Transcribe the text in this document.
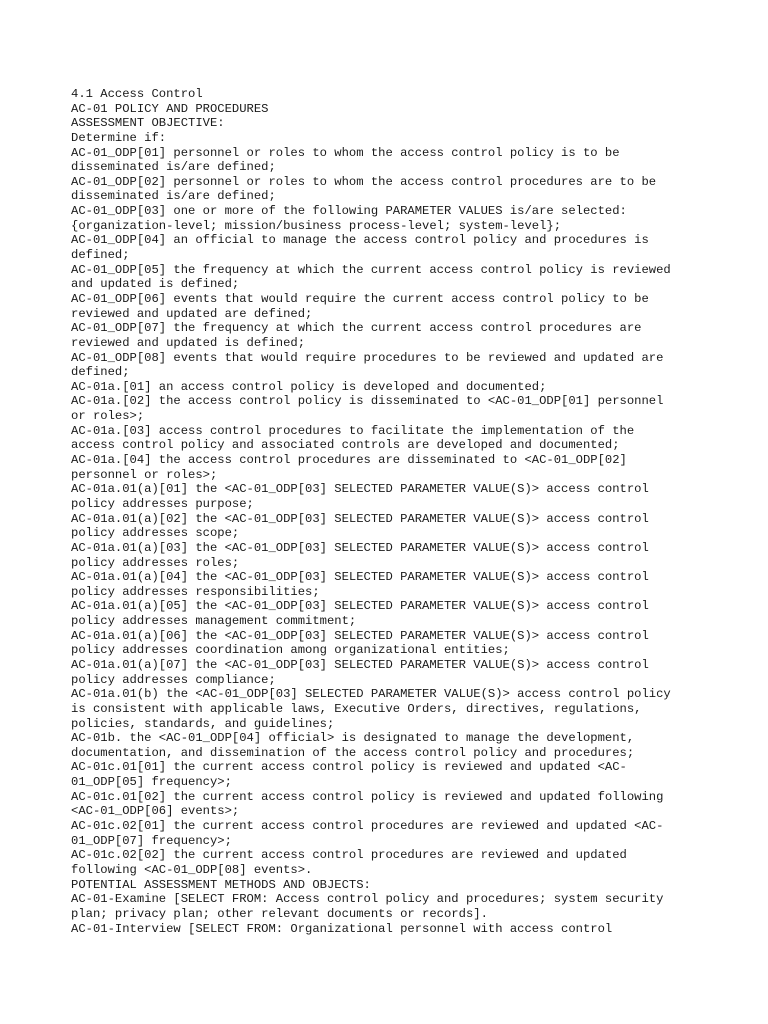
4.1 Access Control
AC-01 POLICY AND PROCEDURES
ASSESSMENT OBJECTIVE:
Determine if:
AC-01_ODP[01] personnel or roles to whom the access control policy is to be
disseminated is/are defined;
AC-01_ODP[02] personnel or roles to whom the access control procedures are to be
disseminated is/are defined;
AC-01_ODP[03] one or more of the following PARAMETER VALUES is/are selected:
{organization-level; mission/business process-level; system-level};
AC-01_ODP[04] an official to manage the access control policy and procedures is
defined;
AC-01_ODP[05] the frequency at which the current access control policy is reviewed
and updated is defined;
AC-01_ODP[06] events that would require the current access control policy to be
reviewed and updated are defined;
AC-01_ODP[07] the frequency at which the current access control procedures are
reviewed and updated is defined;
AC-01_ODP[08] events that would require procedures to be reviewed and updated are
defined;
AC-01a.[01] an access control policy is developed and documented;
AC-01a.[02] the access control policy is disseminated to <AC-01_ODP[01] personnel
or roles>;
AC-01a.[03] access control procedures to facilitate the implementation of the
access control policy and associated controls are developed and documented;
AC-01a.[04] the access control procedures are disseminated to <AC-01_ODP[02]
personnel or roles>;
AC-01a.01(a)[01] the <AC-01_ODP[03] SELECTED PARAMETER VALUE(S)> access control
policy addresses purpose;
AC-01a.01(a)[02] the <AC-01_ODP[03] SELECTED PARAMETER VALUE(S)> access control
policy addresses scope;
AC-01a.01(a)[03] the <AC-01_ODP[03] SELECTED PARAMETER VALUE(S)> access control
policy addresses roles;
AC-01a.01(a)[04] the <AC-01_ODP[03] SELECTED PARAMETER VALUE(S)> access control
policy addresses responsibilities;
AC-01a.01(a)[05] the <AC-01_ODP[03] SELECTED PARAMETER VALUE(S)> access control
policy addresses management commitment;
AC-01a.01(a)[06] the <AC-01_ODP[03] SELECTED PARAMETER VALUE(S)> access control
policy addresses coordination among organizational entities;
AC-01a.01(a)[07] the <AC-01_ODP[03] SELECTED PARAMETER VALUE(S)> access control
policy addresses compliance;
AC-01a.01(b) the <AC-01_ODP[03] SELECTED PARAMETER VALUE(S)> access control policy
is consistent with applicable laws, Executive Orders, directives, regulations,
policies, standards, and guidelines;
AC-01b. the <AC-01_ODP[04] official> is designated to manage the development,
documentation, and dissemination of the access control policy and procedures;
AC-01c.01[01] the current access control policy is reviewed and updated <AC-
01_ODP[05] frequency>;
AC-01c.01[02] the current access control policy is reviewed and updated following
<AC-01_ODP[06] events>;
AC-01c.02[01] the current access control procedures are reviewed and updated <AC-
01_ODP[07] frequency>;
AC-01c.02[02] the current access control procedures are reviewed and updated
following <AC-01_ODP[08] events>.
POTENTIAL ASSESSMENT METHODS AND OBJECTS:
AC-01-Examine [SELECT FROM: Access control policy and procedures; system security
plan; privacy plan; other relevant documents or records].
AC-01-Interview [SELECT FROM: Organizational personnel with access control
